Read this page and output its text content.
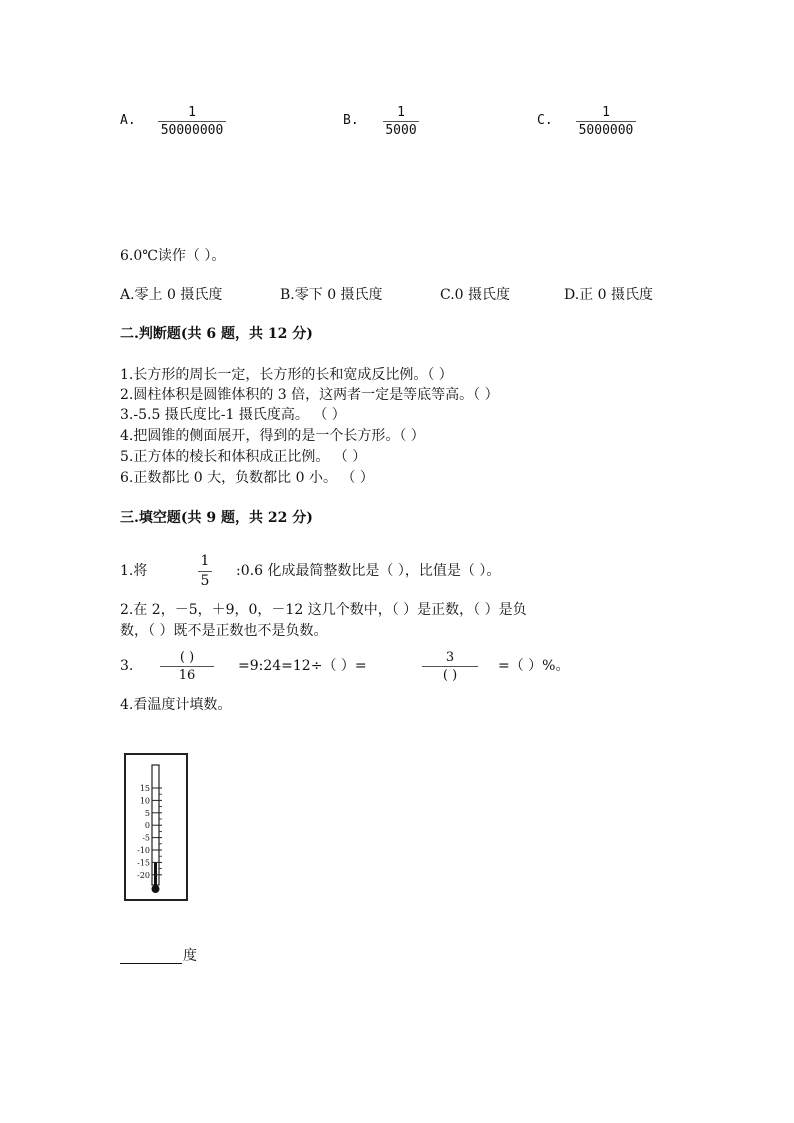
A.
1
50000000
B.
1
5000
C.
1
5000000
6.0℃读作（ ）。
A.零上 0 摄氏度	B.零下 0 摄氏度	C.0 摄氏度	D.正 0 摄氏度
二.判断题(共 6 题，共 12 分)
1.长方形的周长一定，长方形的长和宽成反比例。（ ）
2.圆柱体积是圆锥体积的 3 倍，这两者一定是等底等高。（ ）
3.-5.5 摄氏度比-1 摄氏度高。 （ ）
4.把圆锥的侧面展开，得到的是一个长方形。（ ）
5.正方体的棱长和体积成正比例。 （ ）
6.正数都比 0 大，负数都比 0 小。 （ ）
三.填空题(共 9 题，共 22 分)
1.将
1
5
:0.6 化成最简整数比是（ ），比值是（ ）。
2.在 2，－5，＋9，0，－12 这几个数中，（ ）是正数，（ ）是负
数，（ ）既不是正数也不是负数。
3.
( )
16
=9:24=12÷（ ）=
3
( )
=（ ）%。
4.看温度计填数。
15
10
5
0
-5
-10
-15
-20
度
